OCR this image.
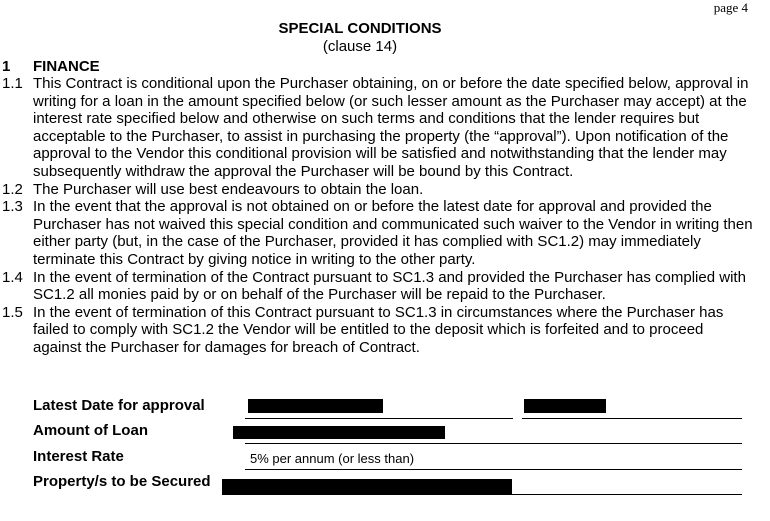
page 4
SPECIAL CONDITIONS
(clause 14)
1 FINANCE
1.1 This Contract is conditional upon the Purchaser obtaining, on or before the date specified below, approval in writing for a loan in the amount specified below (or such lesser amount as the Purchaser may accept) at the interest rate specified below and otherwise on such terms and conditions that the lender requires but acceptable to the Purchaser, to assist in purchasing the property (the “approval”). Upon notification of the approval to the Vendor this conditional provision will be satisfied and notwithstanding that the lender may subsequently withdraw the approval the Purchaser will be bound by this Contract.
1.2 The Purchaser will use best endeavours to obtain the loan.
1.3 In the event that the approval is not obtained on or before the latest date for approval and provided the Purchaser has not waived this special condition and communicated such waiver to the Vendor in writing then either party (but, in the case of the Purchaser, provided it has complied with SC1.2) may immediately terminate this Contract by giving notice in writing to the other party.
1.4 In the event of termination of the Contract pursuant to SC1.3 and provided the Purchaser has complied with SC1.2 all monies paid by or on behalf of the Purchaser will be repaid to the Purchaser.
1.5 In the event of termination of this Contract pursuant to SC1.3 in circumstances where the Purchaser has failed to comply with SC1.2 the Vendor will be entitled to the deposit which is forfeited and to proceed against the Purchaser for damages for breach of Contract.
Latest Date for approval
Amount of Loan
Interest Rate	5% per annum (or less than)
Property/s to be Secured
